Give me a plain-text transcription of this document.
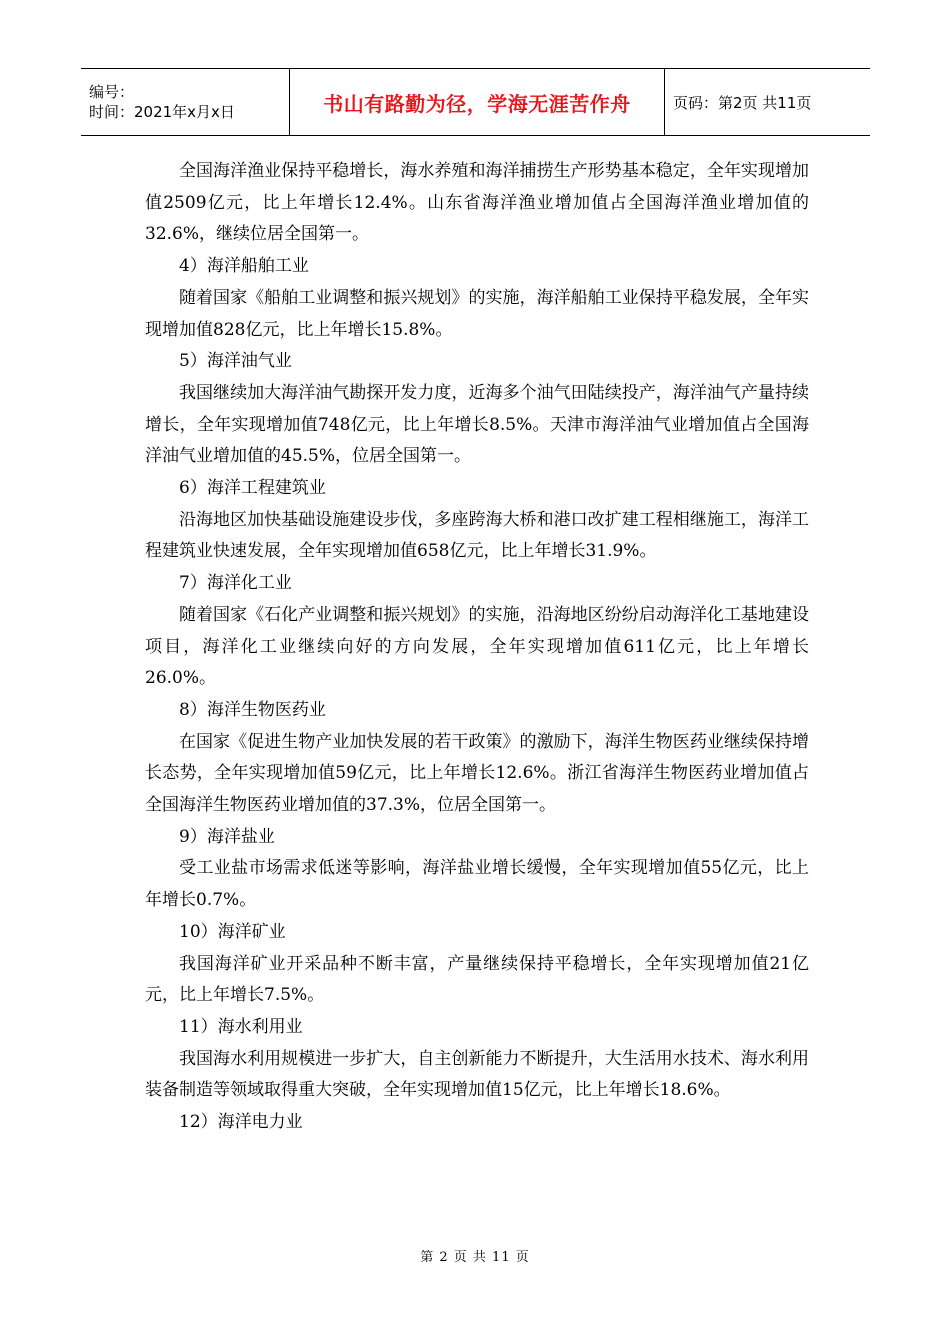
编号：
时间：2021年x月x日	书山有路勤为径，学海无涯苦作舟	页码：第2页 共11页

全国海洋渔业保持平稳增长，海水养殖和海洋捕捞生产形势基本稳定，全年实现增加值2509亿元，比上年增长12.4%。山东省海洋渔业增加值占全国海洋渔业增加值的32.6%，继续位居全国第一。

4）海洋船舶工业

随着国家《船舶工业调整和振兴规划》的实施，海洋船舶工业保持平稳发展，全年实现增加值828亿元，比上年增长15.8%。

5）海洋油气业

我国继续加大海洋油气勘探开发力度，近海多个油气田陆续投产，海洋油气产量持续增长，全年实现增加值748亿元，比上年增长8.5%。天津市海洋油气业增加值占全国海洋油气业增加值的45.5%，位居全国第一。

6）海洋工程建筑业

沿海地区加快基础设施建设步伐，多座跨海大桥和港口改扩建工程相继施工，海洋工程建筑业快速发展，全年实现增加值658亿元，比上年增长31.9%。

7）海洋化工业

随着国家《石化产业调整和振兴规划》的实施，沿海地区纷纷启动海洋化工基地建设项目，海洋化工业继续向好的方向发展，全年实现增加值611亿元，比上年增长26.0%。

8）海洋生物医药业

在国家《促进生物产业加快发展的若干政策》的激励下，海洋生物医药业继续保持增长态势，全年实现增加值59亿元，比上年增长12.6%。浙江省海洋生物医药业增加值占全国海洋生物医药业增加值的37.3%，位居全国第一。

9）海洋盐业

受工业盐市场需求低迷等影响，海洋盐业增长缓慢，全年实现增加值55亿元，比上年增长0.7%。

10）海洋矿业

我国海洋矿业开采品种不断丰富，产量继续保持平稳增长，全年实现增加值21亿元，比上年增长7.5%。

11）海水利用业

我国海水利用规模进一步扩大，自主创新能力不断提升，大生活用水技术、海水利用装备制造等领域取得重大突破，全年实现增加值15亿元，比上年增长18.6%。

12）海洋电力业

第 2 页 共 11 页
